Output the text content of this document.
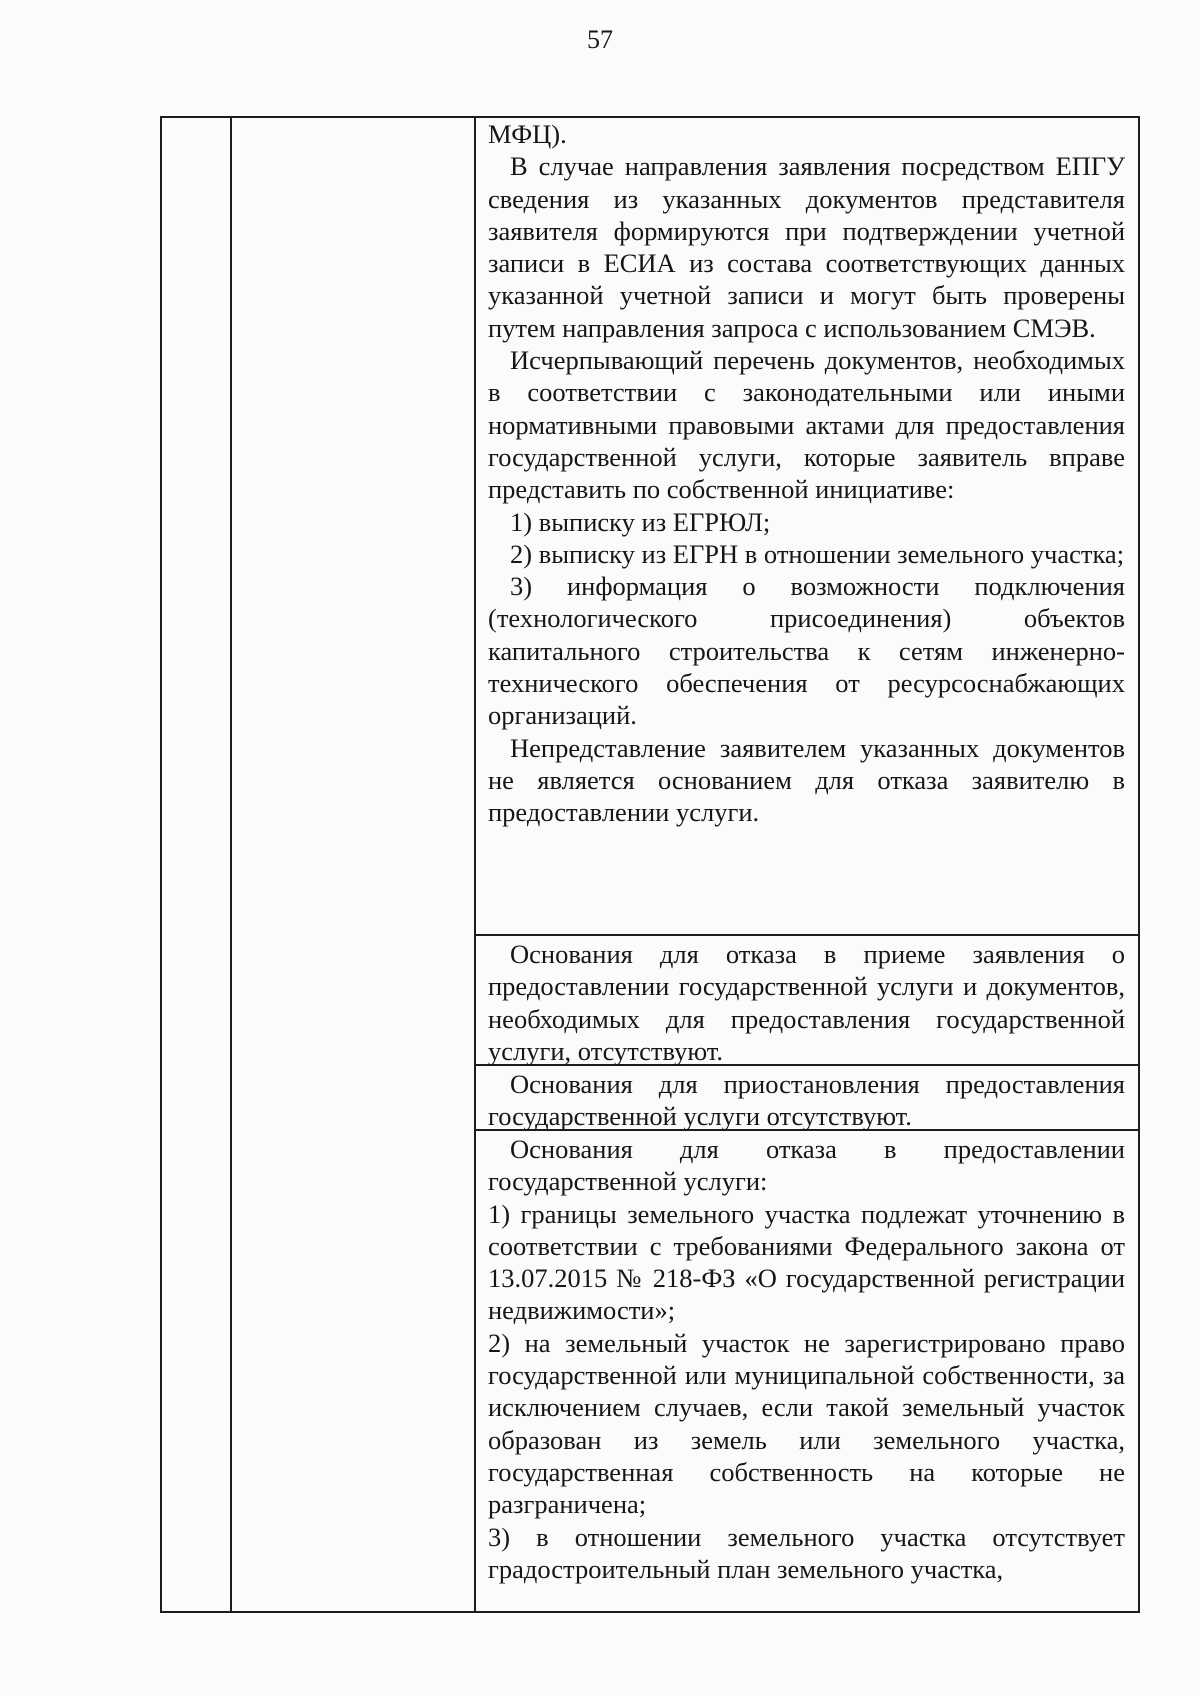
57

МФЦ).

В случае направления заявления посредством ЕПГУ сведения из указанных документов представителя заявителя формируются при подтверждении учетной записи в ЕСИА из состава соответствующих данных указанной учетной записи и могут быть проверены путем направления запроса с использованием СМЭВ.

Исчерпывающий перечень документов, необходимых в соответствии с законодательными или иными нормативными правовыми актами для предоставления государственной услуги, которые заявитель вправе представить по собственной инициативе:

1) выписку из ЕГРЮЛ;

2) выписку из ЕГРН в отношении земельного участка;

3) информация о возможности подключения (технологического присоединения) объектов капитального строительства к сетям инженерно-технического обеспечения от ресурсоснабжающих организаций.

Непредставление заявителем указанных документов не является основанием для отказа заявителю в предоставлении услуги.

Основания для отказа в приеме заявления о предоставлении государственной услуги и документов, необходимых для предоставления государственной услуги, отсутствуют.

Основания для приостановления предоставления государственной услуги отсутствуют.

Основания для отказа в предоставлении государственной услуги:

1) границы земельного участка подлежат уточнению в соответствии с требованиями Федерального закона от 13.07.2015 № 218-ФЗ «О государственной регистрации недвижимости»;

2) на земельный участок не зарегистрировано право государственной или муниципальной собственности, за исключением случаев, если такой земельный участок образован из земель или земельного участка, государственная собственность на которые не разграничена;

3) в отношении земельного участка отсутствует градостроительный план земельного участка,
